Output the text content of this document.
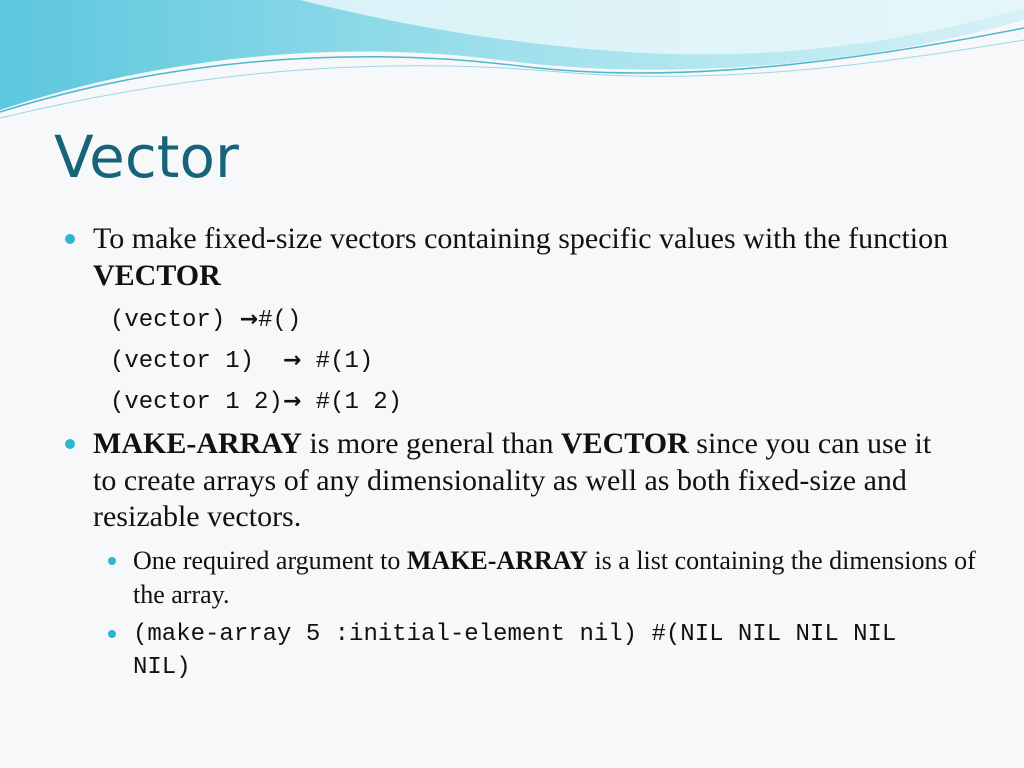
Vector
To make fixed-size vectors containing specific values with the function VECTOR
(vector) →#()
(vector 1)  → #(1)
(vector 1 2)→ #(1 2)
MAKE-ARRAY is more general than VECTOR since you can use it to create arrays of any dimensionality as well as both fixed-size and resizable vectors.
One required argument to MAKE-ARRAY is a list containing the dimensions of the array.
(make-array 5 :initial-element nil) #(NIL NIL NIL NIL NIL)
